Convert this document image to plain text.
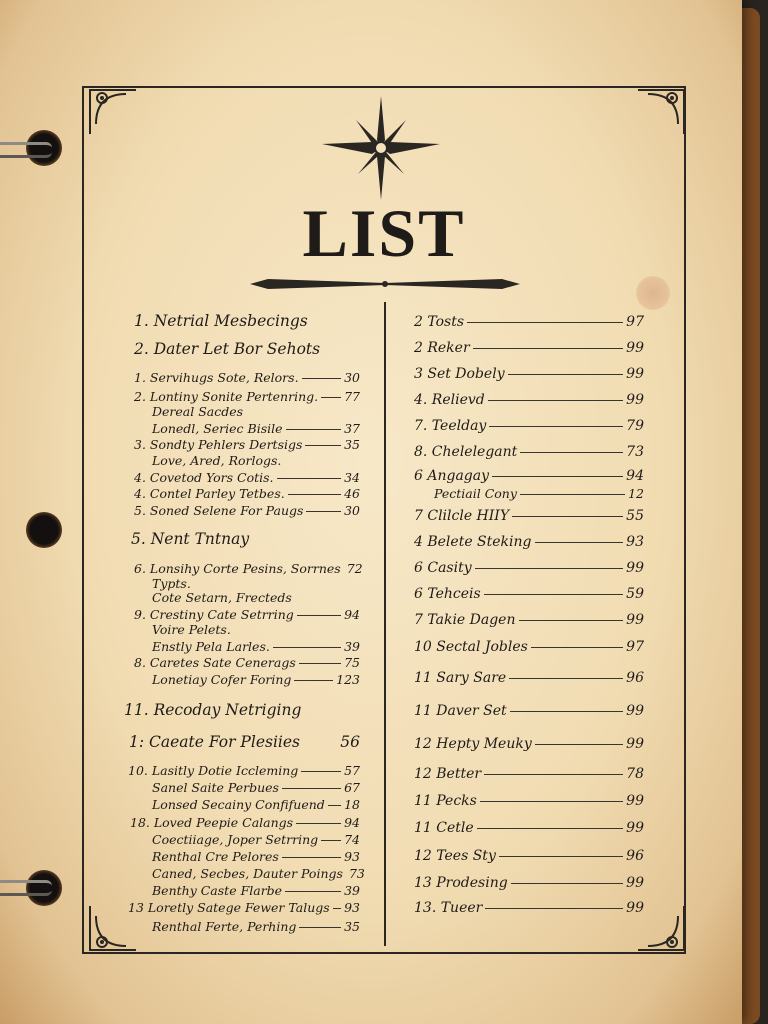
LIST
1. Netrial Mesbecings
2. Dater Let Bor Sehots
1. Servihugs Sote, Relors.	30
2. Lontiny Sonite Pertenring. 77
Dereal Sacdes
Lonedl, Seriec Bisile	37
3. Sondty Pehlers Dertsigs	35
Love, Ared, Rorlogs.
4. Covetod Yors Cotis.	34
4. Contel Parley Tetbes.	46
5. Soned Selene For Paugs	30
5. Nent Tntnay
6. Lonsihy Corte Pesins, Sorrnes 72
Typts.
Cote Setarn, Frecteds
9. Crestiny Cate Setrring	94
Voire Pelets.
Enstly Pela Larles.	39
8. Caretes Sate Cenerags	75
Lonetiay Cofer Foring	123
11. Recoday Netriging
1: Caeate For Plesiies	56
10. Lasitly Dotie Iccleming	57
Sanel Saite Perbues	67
Lonsed Secainy Confifuend 18
18. Loved Peepie Calangs	94
Coectiiage, Joper Setrring 74
Renthal Cre Pelores	93
Caned, Secbes, Dauter Poings 73
Benthy Caste Flarbe	39
13 Loretly Satege Fewer Talugs 93
Renthal Ferte, Perhing	35
2 Tosts	97
2 Reker	99
3 Set Dobely	99
4. Relievd	99
7. Teelday	79
8. Chelelegant	73
6 Angagay	94
Pectiail Cony	12
7 Clilcle HIIY	55
4 Belete Steking	93
6 Casity	99
6 Tehceis	59
7 Takie Dagen	99
10 Sectal Jobles	97
11 Sary Sare	96
11 Daver Set	99
12 Hepty Meuky	99
12 Better	78
11 Pecks	99
11 Cetle	99
12 Tees Sty	96
13 Prodesing	99
13. Tueer	99
